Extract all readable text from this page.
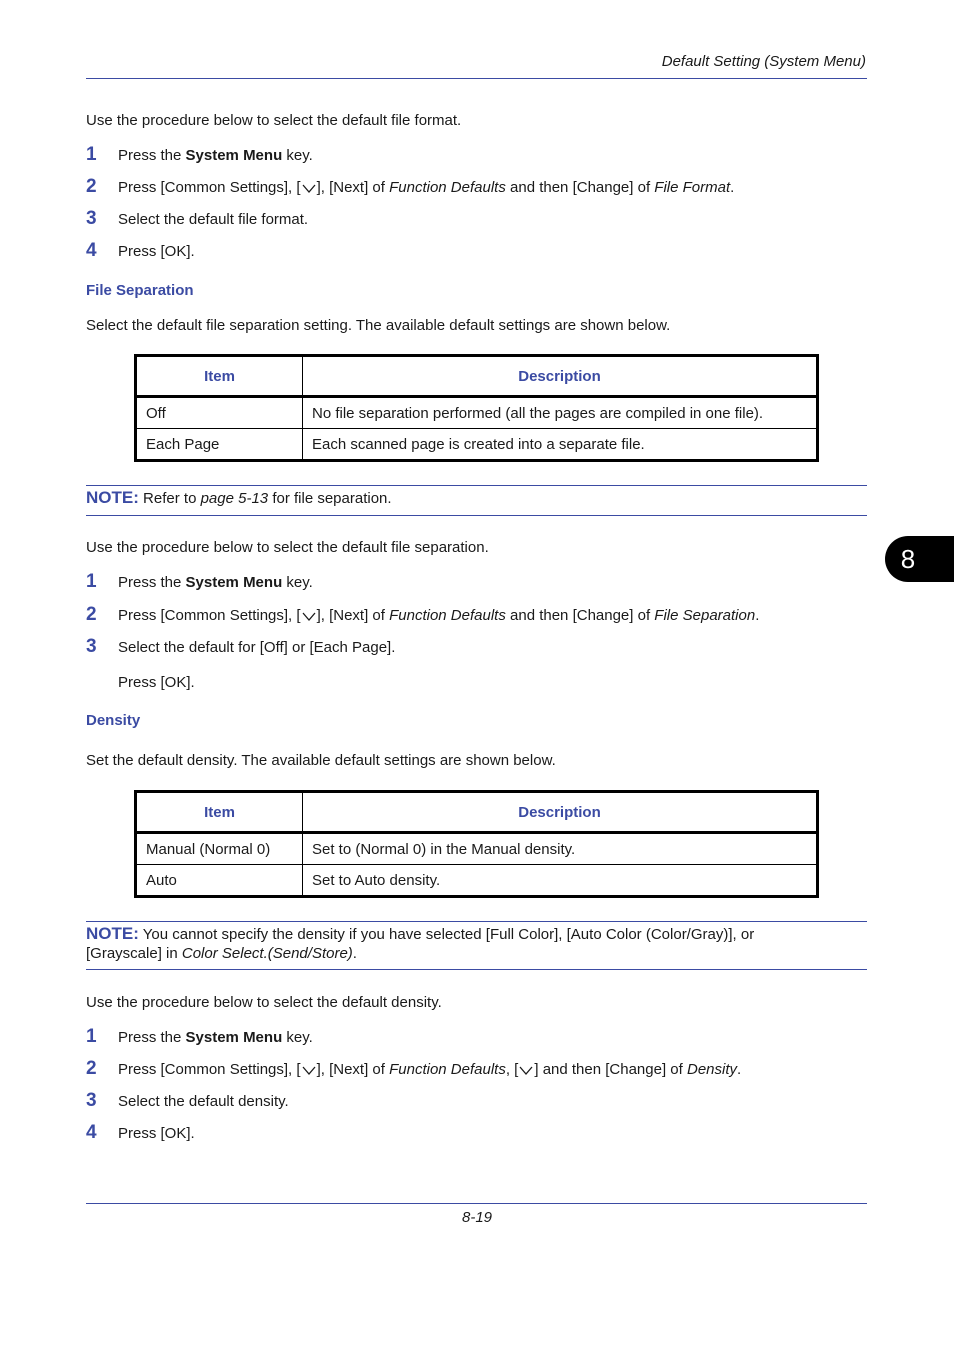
Default Setting (System Menu)
Use the procedure below to select the default file format.
1 Press the System Menu key.
2 Press [Common Settings], [ ], [Next] of Function Defaults and then [Change] of File Format.
3 Select the default file format.
4 Press [OK].
File Separation
Select the default file separation setting. The available default settings are shown below.
Item	Description
Off	No file separation performed (all the pages are compiled in one file).
Each Page	Each scanned page is created into a separate file.
NOTE: Refer to page 5-13 for file separation.
Use the procedure below to select the default file separation.
1 Press the System Menu key.
2 Press [Common Settings], [ ], [Next] of Function Defaults and then [Change] of File Separation.
3 Select the default for [Off] or [Each Page].
Press [OK].
Density
Set the default density. The available default settings are shown below.
Item	Description
Manual (Normal 0)	Set to (Normal 0) in the Manual density.
Auto	Set to Auto density.
NOTE: You cannot specify the density if you have selected [Full Color], [Auto Color (Color/Gray)], or
[Grayscale] in Color Select.(Send/Store).
Use the procedure below to select the default density.
1 Press the System Menu key.
2 Press [Common Settings], [ ], [Next] of Function Defaults, [ ] and then [Change] of Density.
3 Select the default density.
4 Press [OK].
8
8-19
